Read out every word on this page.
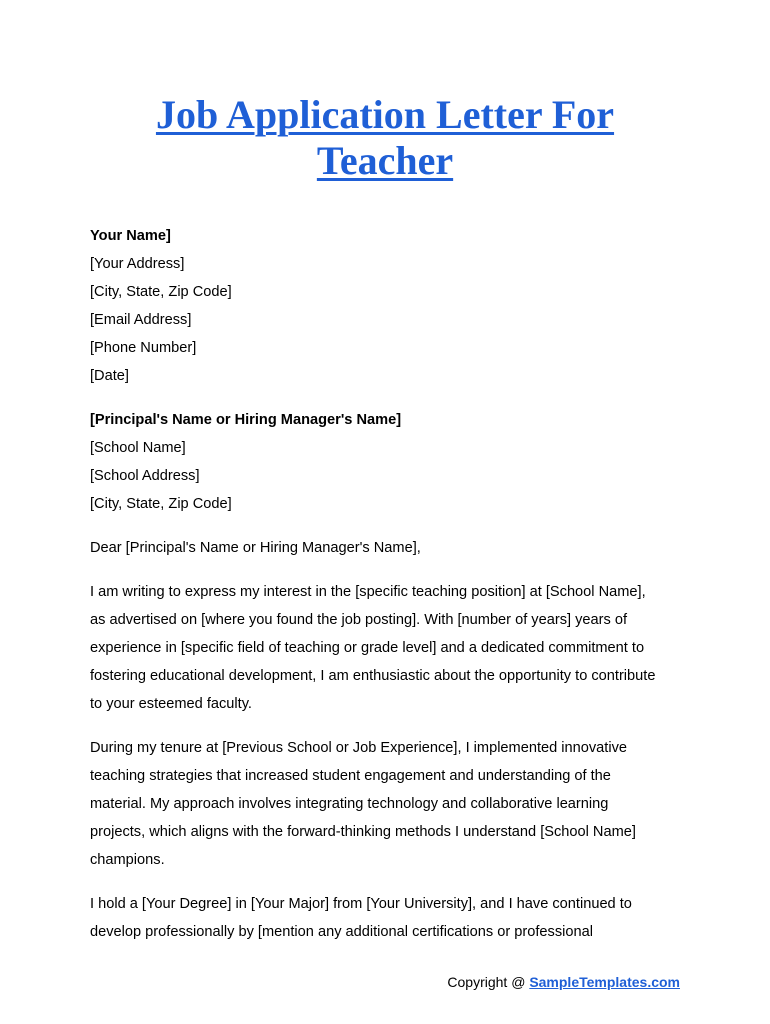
Job Application Letter For
Teacher
Your Name]
[Your Address]
[City, State, Zip Code]
[Email Address]
[Phone Number]
[Date]
[Principal's Name or Hiring Manager's Name]
[School Name]
[School Address]
[City, State, Zip Code]
Dear [Principal's Name or Hiring Manager's Name],
I am writing to express my interest in the [specific teaching position] at [School Name],
as advertised on [where you found the job posting]. With [number of years] years of
experience in [specific field of teaching or grade level] and a dedicated commitment to
fostering educational development, I am enthusiastic about the opportunity to contribute
to your esteemed faculty.
During my tenure at [Previous School or Job Experience], I implemented innovative
teaching strategies that increased student engagement and understanding of the
material. My approach involves integrating technology and collaborative learning
projects, which aligns with the forward-thinking methods I understand [School Name]
champions.
I hold a [Your Degree] in [Your Major] from [Your University], and I have continued to
develop professionally by [mention any additional certifications or professional
Copyright @ SampleTemplates.com
